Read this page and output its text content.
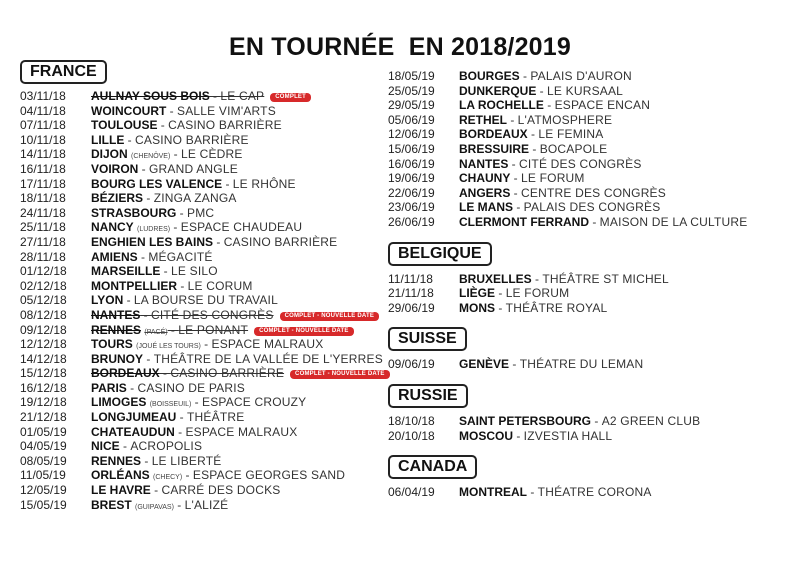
EN TOURNÉE  EN 2018/2019
FRANCE
03/11/18 AULNAY SOUS BOIS - LE CAP COMPLET
04/11/18 WOINCOURT - SALLE VIM'ARTS
07/11/18 TOULOUSE - CASINO BARRIÈRE
10/11/18 LILLE - CASINO BARRIÈRE
14/11/18 DIJON (CHENÔVE) - LE CÈDRE
16/11/18 VOIRON - GRAND ANGLE
17/11/18 BOURG LES VALENCE - LE RHÔNE
18/11/18 BÉZIERS - ZINGA ZANGA
24/11/18 STRASBOURG - PMC
25/11/18 NANCY (LUDRES) - ESPACE CHAUDEAU
27/11/18 ENGHIEN LES BAINS - CASINO BARRIÈRE
28/11/18 AMIENS - MÉGACITÉ
01/12/18 MARSEILLE - LE SILO
02/12/18 MONTPELLIER - LE CORUM
05/12/18 LYON - LA BOURSE DU TRAVAIL
08/12/18 NANTES - CITÉ DES CONGRÈS COMPLET - NOUVELLE DATE
09/12/18 RENNES (PACÉ) - LE PONANT COMPLET - NOUVELLE DATE
12/12/18 TOURS (JOUÉ LES TOURS) - ESPACE MALRAUX
14/12/18 BRUNOY - THÉÂTRE DE LA VALLÉE DE L'YERRES
15/12/18 BORDEAUX - CASINO BARRIÈRE COMPLET - NOUVELLE DATE
16/12/18 PARIS - CASINO DE PARIS
19/12/18 LIMOGES (BOISSEUIL) - ESPACE CROUZY
21/12/18 LONGJUMEAU - THÉÂTRE
01/05/19 CHATEAUDUN - ESPACE MALRAUX
04/05/19 NICE - ACROPOLIS
08/05/19 RENNES - LE LIBERTÉ
11/05/19 ORLÉANS (CHECY) - ESPACE GEORGES SAND
12/05/19 LE HAVRE - CARRÉ DES DOCKS
15/05/19 BREST (GUIPAVAS) - L'ALIZÉ
18/05/19 BOURGES - PALAIS D'AURON
25/05/19 DUNKERQUE - LE KURSAAL
29/05/19 LA ROCHELLE - ESPACE ENCAN
05/06/19 RETHEL - L'ATMOSPHERE
12/06/19 BORDEAUX - LE FEMINA
15/06/19 BRESSUIRE - BOCAPOLE
16/06/19 NANTES - CITÉ DES CONGRÈS
19/06/19 CHAUNY - LE FORUM
22/06/19 ANGERS - CENTRE DES CONGRÈS
23/06/19 LE MANS - PALAIS DES CONGRÈS
26/06/19 CLERMONT FERRAND - MAISON DE LA CULTURE
BELGIQUE
11/11/18 BRUXELLES - THÉÂTRE ST MICHEL
21/11/18 LIÈGE - LE FORUM
29/06/19 MONS - THÉÂTRE ROYAL
SUISSE
09/06/19 GENÈVE - THÉATRE DU LEMAN
RUSSIE
18/10/18 SAINT PETERSBOURG - A2 GREEN CLUB
20/10/18 MOSCOU - IZVESTIA HALL
CANADA
06/04/19 MONTREAL - THÉATRE CORONA
